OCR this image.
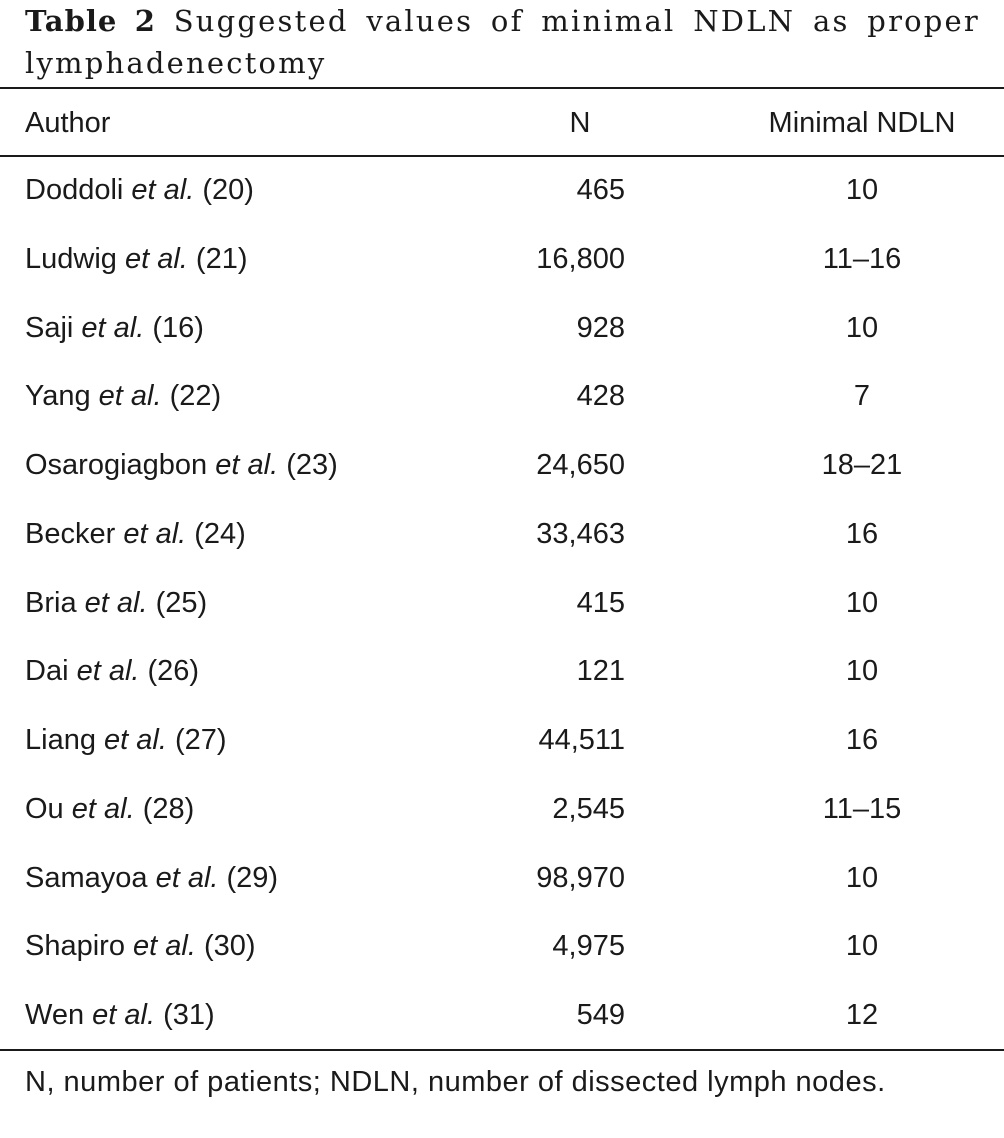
Table 2 Suggested values of minimal NDLN as proper lymphadenectomy
Author	N	Minimal NDLN
Doddoli et al. (20)	465	10
Ludwig et al. (21)	16,800	11–16
Saji et al. (16)	928	10
Yang et al. (22)	428	7
Osarogiagbon et al. (23)	24,650	18–21
Becker et al. (24)	33,463	16
Bria et al. (25)	415	10
Dai et al. (26)	121	10
Liang et al. (27)	44,511	16
Ou et al. (28)	2,545	11–15
Samayoa et al. (29)	98,970	10
Shapiro et al. (30)	4,975	10
Wen et al. (31)	549	12
N, number of patients; NDLN, number of dissected lymph nodes.
